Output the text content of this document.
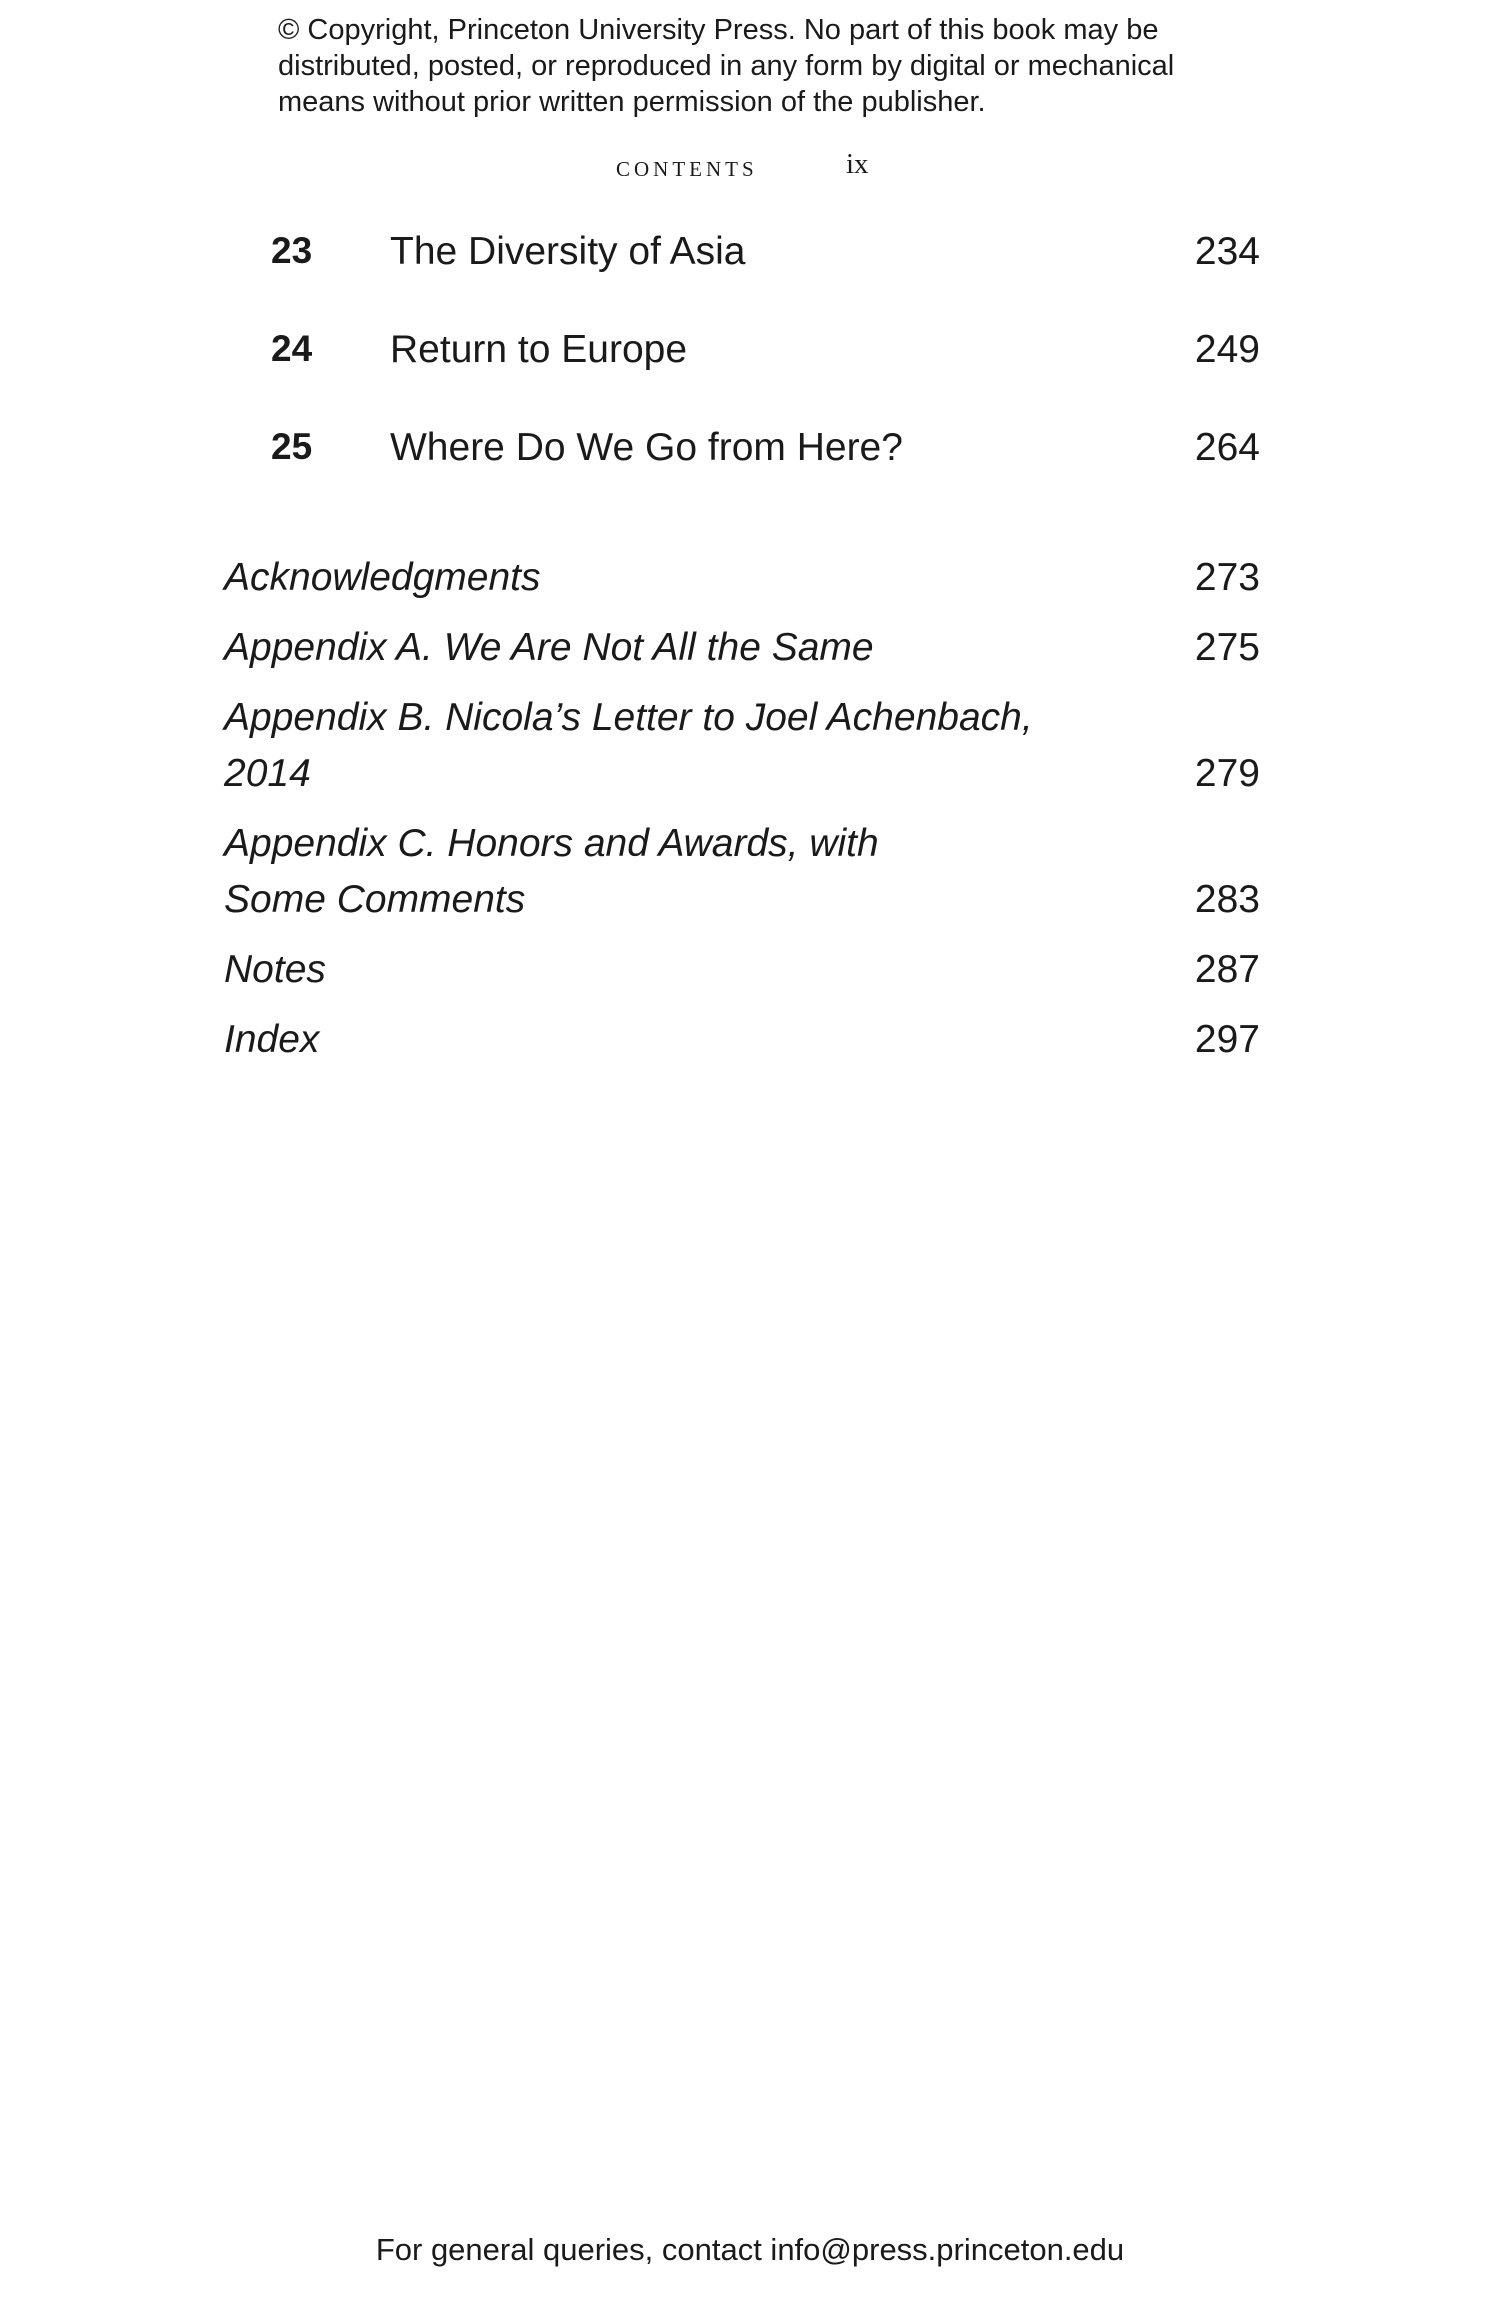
© Copyright, Princeton University Press. No part of this book may be
distributed, posted, or reproduced in any form by digital or mechanical
means without prior written permission of the publisher.
contents	ix
23 The Diversity of Asia	234
24 Return to Europe	249
25 Where Do We Go from Here?	264
Acknowledgments	273
Appendix A. We Are Not All the Same	275
Appendix B. Nicola’s Letter to Joel Achenbach,
2014	279
Appendix C. Honors and Awards, with
Some Comments	283
Notes	287
Index	297
For general queries, contact info@press.princeton.edu
